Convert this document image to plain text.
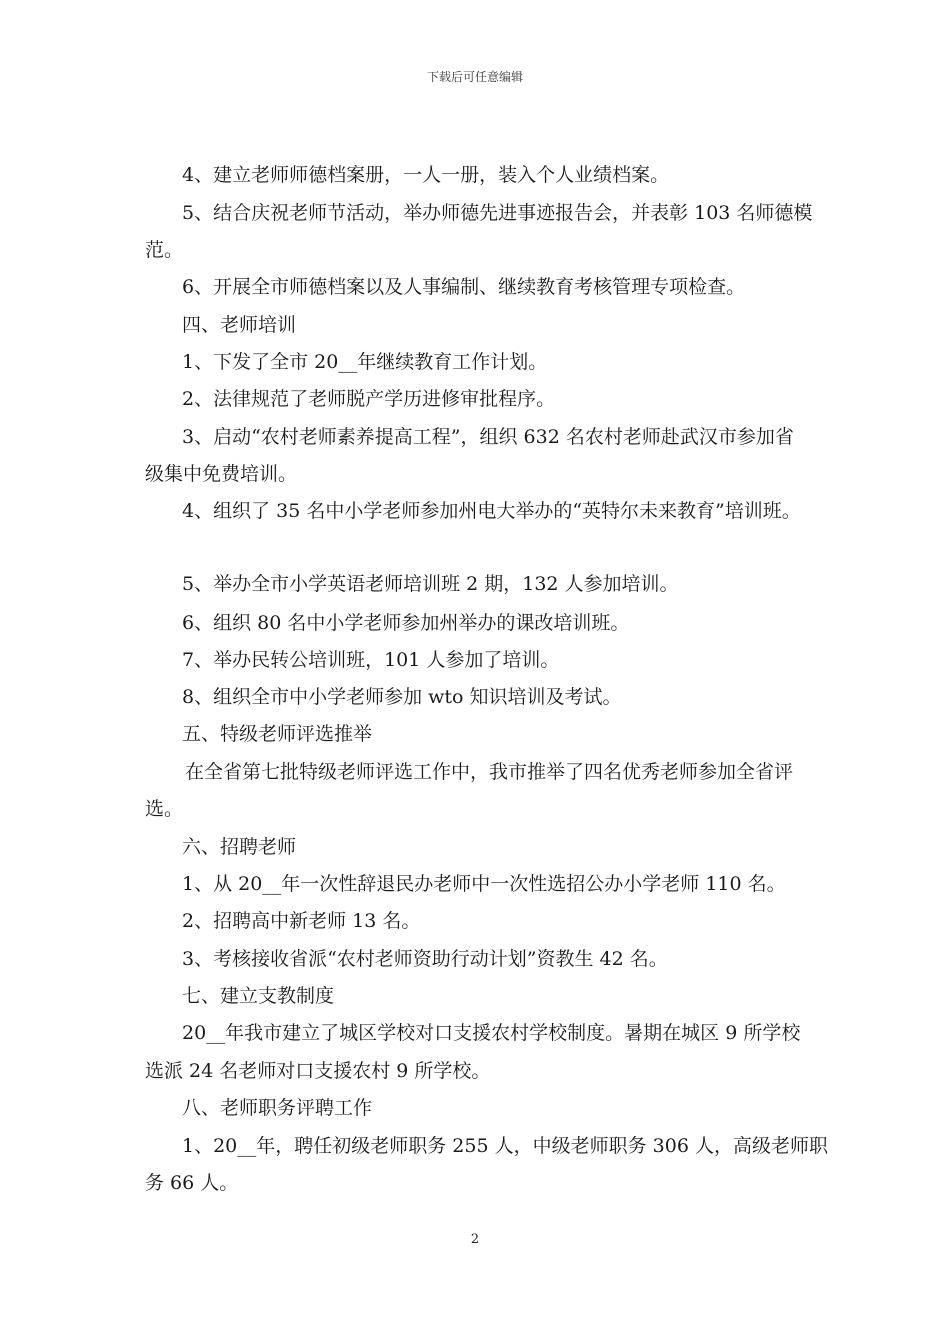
下载后可任意编辑
4、建立老师师德档案册，一人一册，装入个人业绩档案。
5、结合庆祝老师节活动，举办师德先进事迹报告会，并表彰 103 名师德模
范。
6、开展全市师德档案以及人事编制、继续教育考核管理专项检查。
四、老师培训
1、下发了全市 20__年继续教育工作计划。
2、法律规范了老师脱产学历进修审批程序。
3、启动“农村老师素养提高工程”，组织 632 名农村老师赴武汉市参加省
级集中免费培训。
4、组织了 35 名中小学老师参加州电大举办的“英特尔未来教育”培训班。
5、举办全市小学英语老师培训班 2 期，132 人参加培训。
6、组织 80 名中小学老师参加州举办的课改培训班。
7、举办民转公培训班，101 人参加了培训。
8、组织全市中小学老师参加 wto 知识培训及考试。
五、特级老师评选推举
在全省第七批特级老师评选工作中，我市推举了四名优秀老师参加全省评
选。
六、招聘老师
1、从 20__年一次性辞退民办老师中一次性选招公办小学老师 110 名。
2、招聘高中新老师 13 名。
3、考核接收省派“农村老师资助行动计划”资教生 42 名。
七、建立支教制度
20__年我市建立了城区学校对口支援农村学校制度。暑期在城区 9 所学校
选派 24 名老师对口支援农村 9 所学校。
八、老师职务评聘工作
1、20__年，聘任初级老师职务 255 人，中级老师职务 306 人，高级老师职
务 66 人。
2
